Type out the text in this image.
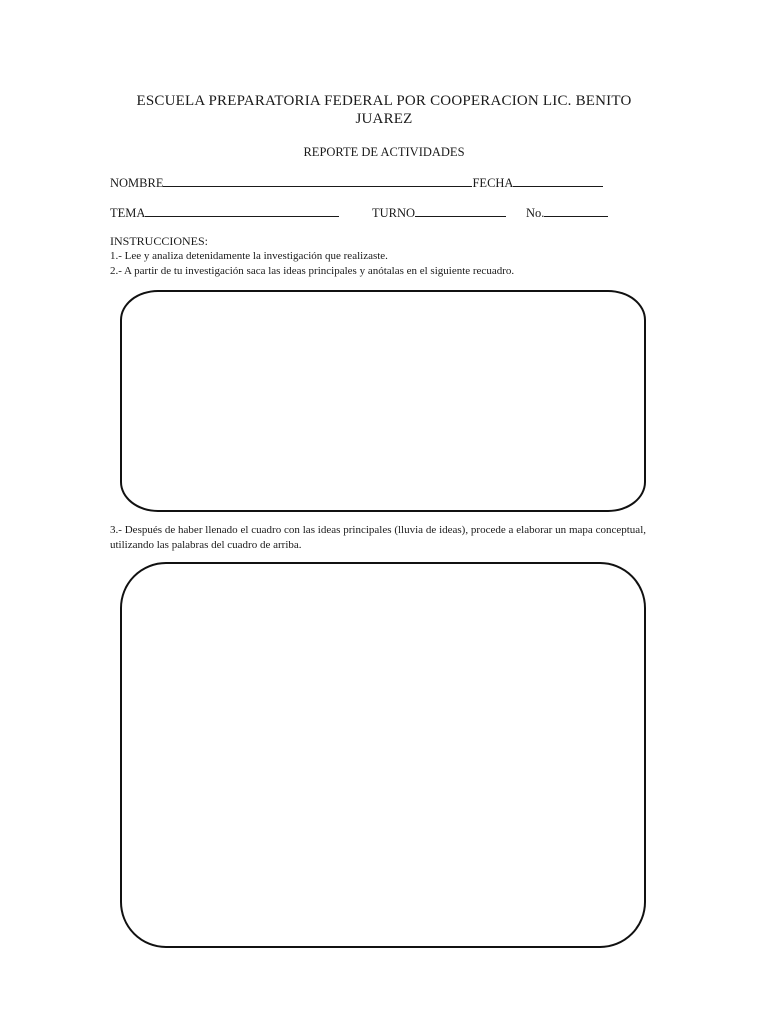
ESCUELA PREPARATORIA FEDERAL POR COOPERACION LIC. BENITO
JUAREZ
REPORTE DE ACTIVIDADES
NOMBRE	FECHA
TEMA	TURNO	No.
INSTRUCCIONES:
1.- Lee y analiza detenidamente la investigación que realizaste.
2.- A partir de tu investigación saca las ideas principales y anótalas en el siguiente recuadro.
3.- Después de haber llenado el cuadro con las ideas principales (lluvia de ideas), procede a elaborar un mapa conceptual, utilizando las palabras del cuadro de arriba.
